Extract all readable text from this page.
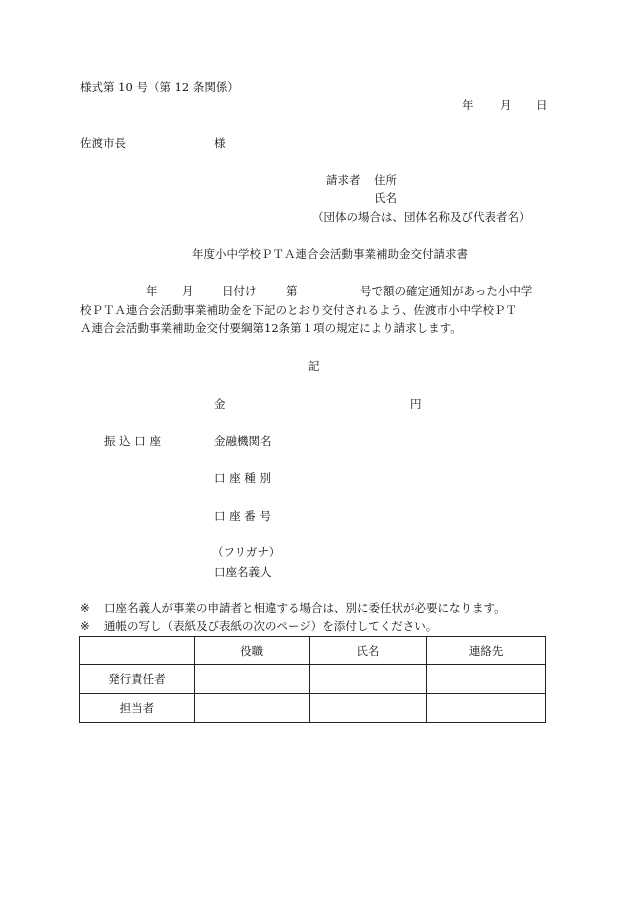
様式第 10 号（第 12 条関係）
年 月 日
佐渡市長	様
請求者 住所
氏名
（団体の場合は、団体名称及び代表者名）
年度小中学校ＰＴＡ連合会活動事業補助金交付請求書
年 月 日付け	第	号で額の確定通知があった小中学
校ＰＴＡ連合会活動事業補助金を下記のとおり交付されるよう、佐渡市小中学校ＰＴ
Ａ連合会活動事業補助金交付要綱第12条第１項の規定により請求します。
記
金	円
振 込 口 座	金融機関名
口 座 種 別
口 座 番 号
（フリガナ）
口座名義人
※ 口座名義人が事業の申請者と相違する場合は、別に委任状が必要になります。
※ 通帳の写し（表紙及び表紙の次のページ）を添付してください。
	役職	氏名	連絡先
発行責任者			
担当者			
